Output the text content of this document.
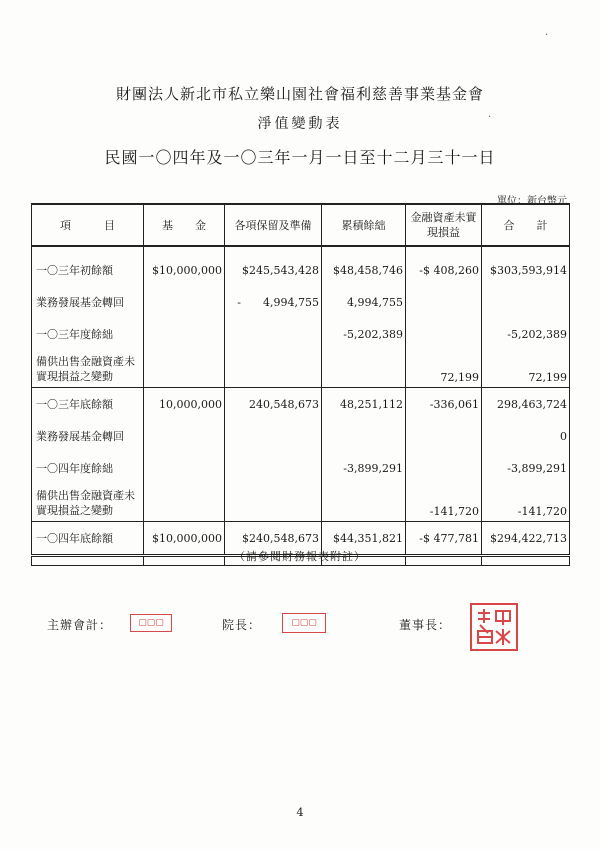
財團法人新北市私立樂山園社會福利慈善事業基金會
淨值變動表
民國一〇四年及一〇三年一月一日至十二月三十一日
單位：新台幣元
項　　　目	基　　金	各項保留及準備	累積餘絀	金融資產未實現損益	合　　計

一〇三年初餘額	$10,000,000	$245,543,428	$48,458,746	-$ 408,260	$303,593,914
業務發展基金轉回		-　　4,994,755	4,994,755		
一〇三年度餘絀			-5,202,389		-5,202,389
備供出售金融資產未實現損益之變動				72,199	72,199
一〇三年底餘額	10,000,000	240,548,673	48,251,112	-336,061	298,463,724
業務發展基金轉回					0
一〇四年度餘絀			-3,899,291		-3,899,291
備供出售金融資產未實現損益之變動				-141,720	-141,720
一〇四年底餘額	$10,000,000	$240,548,673	$44,351,821	-$ 477,781	$294,422,713

（請參閱財務報表附註）
主辦會計：	▢▢▢	院長：	▢▢▢	董事長：
4
·
·
